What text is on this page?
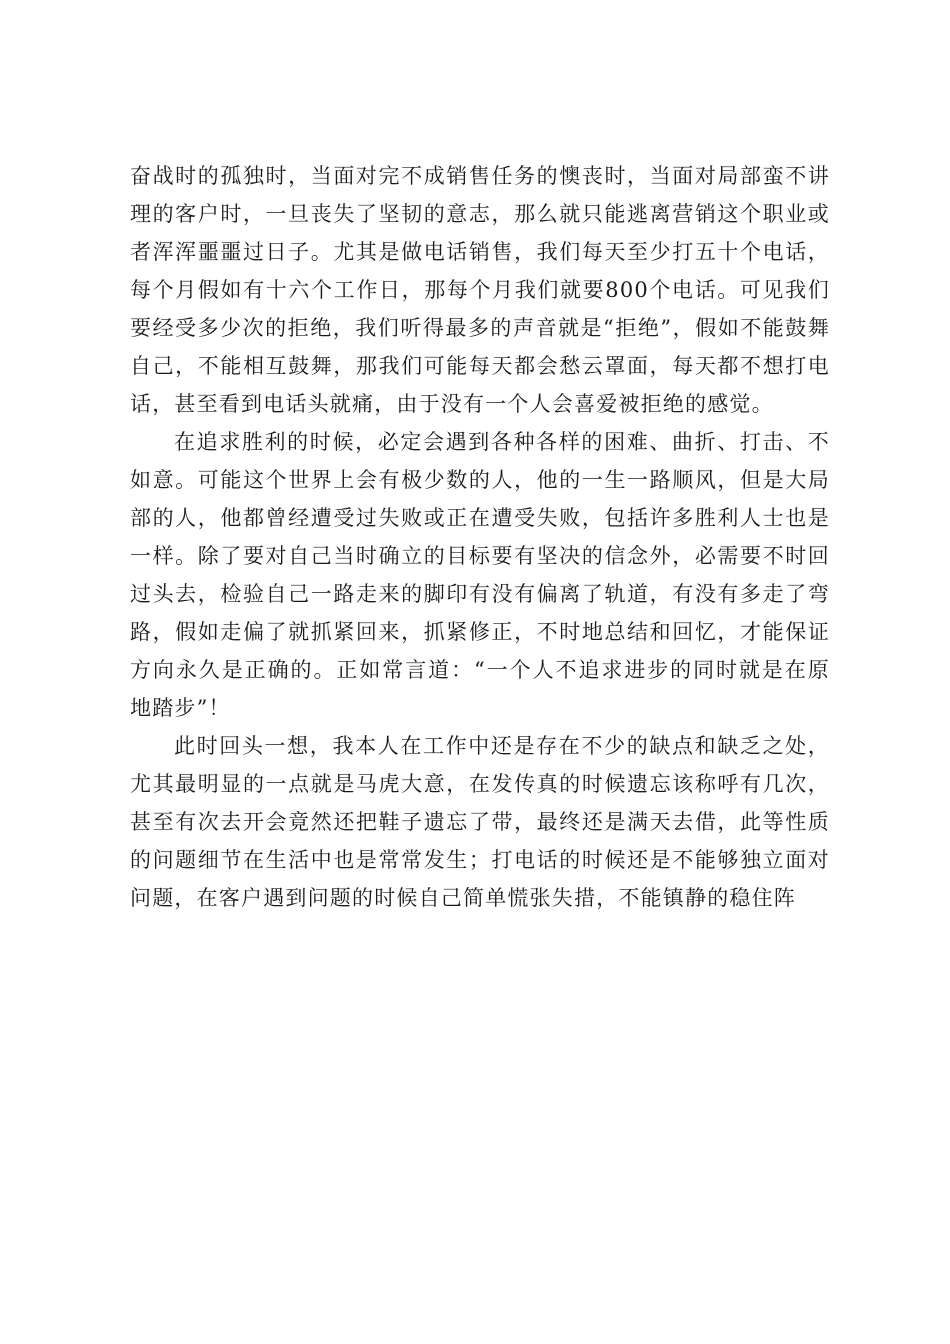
奋战时的孤独时，当面对完不成销售任务的懊丧时，当面对局部蛮不讲理的客户时，一旦丧失了坚韧的意志，那么就只能逃离营销这个职业或者浑浑噩噩过日子。尤其是做电话销售，我们每天至少打五十个电话，每个月假如有十六个工作日，那每个月我们就要800个电话。可见我们要经受多少次的拒绝，我们听得最多的声音就是“拒绝”，假如不能鼓舞自己，不能相互鼓舞，那我们可能每天都会愁云罩面，每天都不想打电话，甚至看到电话头就痛，由于没有一个人会喜爱被拒绝的感觉。

在追求胜利的时候，必定会遇到各种各样的困难、曲折、打击、不如意。可能这个世界上会有极少数的人，他的一生一路顺风，但是大局部的人，他都曾经遭受过失败或正在遭受失败，包括许多胜利人士也是一样。除了要对自己当时确立的目标要有坚决的信念外，必需要不时回过头去，检验自己一路走来的脚印有没有偏离了轨道，有没有多走了弯路，假如走偏了就抓紧回来，抓紧修正，不时地总结和回忆，才能保证方向永久是正确的。正如常言道：“一个人不追求进步的同时就是在原地踏步”！

此时回头一想，我本人在工作中还是存在不少的缺点和缺乏之处，尤其最明显的一点就是马虎大意，在发传真的时候遗忘该称呼有几次，甚至有次去开会竟然还把鞋子遗忘了带，最终还是满天去借，此等性质的问题细节在生活中也是常常发生；打电话的时候还是不能够独立面对问题，在客户遇到问题的时候自己简单慌张失措，不能镇静的稳住阵
